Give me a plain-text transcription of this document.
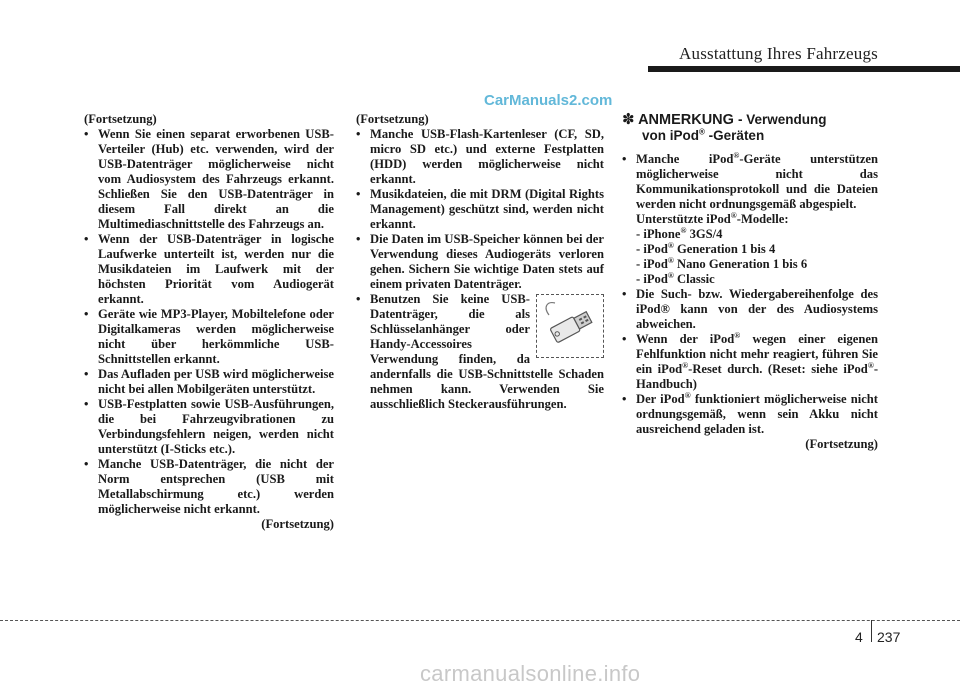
Ausstattung Ihres Fahrzeugs
CarManuals2.com

(Fortsetzung)

• Wenn Sie einen separat erworbenen USB-Verteiler (Hub) etc. verwenden, wird der USB-Datenträger möglicherweise nicht vom Audiosystem des Fahrzeugs erkannt. Schließen Sie den USB-Datenträger in diesem Fall direkt an die Multimediaschnittstelle des Fahrzeugs an.
• Wenn der USB-Datenträger in logische Laufwerke unterteilt ist, werden nur die Musikdateien im Laufwerk mit der höchsten Priorität vom Audiogerät erkannt.
• Geräte wie MP3-Player, Mobiltelefone oder Digitalkameras werden möglicherweise nicht über herkömmliche USB-Schnittstellen erkannt.
• Das Aufladen per USB wird möglicherweise nicht bei allen Mobilgeräten unterstützt.
• USB-Festplatten sowie USB-Ausführungen, die bei Fahrzeugvibrationen zu Verbindungsfehlern neigen, werden nicht unterstützt (I-Sticks etc.).
• Manche USB-Datenträger, die nicht der Norm entsprechen (USB mit Metallabschirmung etc.) werden möglicherweise nicht erkannt.

(Fortsetzung)

(Fortsetzung)

• Manche USB-Flash-Kartenleser (CF, SD, micro SD etc.) und externe Festplatten (HDD) werden möglicherweise nicht erkannt.
• Musikdateien, die mit DRM (Digital Rights Management) geschützt sind, werden nicht erkannt.
• Die Daten im USB-Speicher können bei der Verwendung dieses Audiogeräts verloren gehen. Sichern Sie wichtige Daten stets auf einem privaten Datenträger.
• Benutzen Sie keine USB-Datenträger, die als Schlüsselanhänger oder Handy-Accessoires Verwendung finden, da andernfalls die USB-Schnittstelle Schaden nehmen kann. Verwenden Sie ausschließlich Steckerausführungen.
✽ ANMERKUNG - Verwendung
von iPod® -Geräten
• Manche iPod®-Geräte unterstützen möglicherweise nicht das Kommunikationsprotokoll und die Dateien werden nicht ordnungsgemäß abgespielt.
Unterstützte iPod®-Modelle:
- iPhone® 3GS/4
- iPod® Generation 1 bis 4
- iPod® Nano Generation 1 bis 6
- iPod® Classic
• Die Such- bzw. Wiedergabereihenfolge des iPod® kann von der des Audiosystems abweichen.
• Wenn der iPod® wegen einer eigenen Fehlfunktion nicht mehr reagiert, führen Sie ein iPod®-Reset durch. (Reset: siehe iPod®-Handbuch)
• Der iPod® funktioniert möglicherweise nicht ordnungsgemäß, wenn sein Akku nicht ausreichend geladen ist.

(Fortsetzung)

4 237
carmanualsonline.info
